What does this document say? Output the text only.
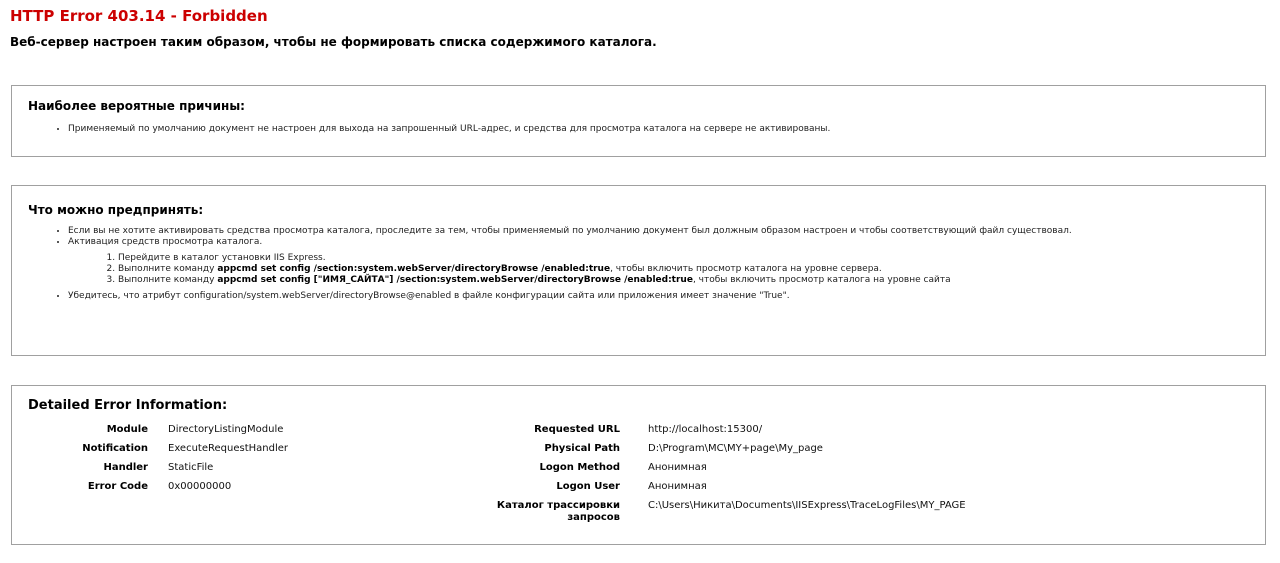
HTTP Error 403.14 - Forbidden
Веб-сервер настроен таким образом, чтобы не формировать списка содержимого каталога.
Наиболее вероятные причины:
• Применяемый по умолчанию документ не настроен для выхода на запрошенный URL-адрес, и средства для просмотра каталога на сервере не активированы.
Что можно предпринять:
• Если вы не хотите активировать средства просмотра каталога, проследите за тем, чтобы применяемый по умолчанию документ был должным образом настроен и чтобы соответствующий файл существовал.
• Активация средств просмотра каталога.
1. Перейдите в каталог установки IIS Express.
2. Выполните команду appcmd set config /section:system.webServer/directoryBrowse /enabled:true, чтобы включить просмотр каталога на уровне сервера.
3. Выполните команду appcmd set config ["ИМЯ_САЙТА"] /section:system.webServer/directoryBrowse /enabled:true, чтобы включить просмотр каталога на уровне сайта
• Убедитесь, что атрибут configuration/system.webServer/directoryBrowse@enabled в файле конфигурации сайта или приложения имеет значение "True".
Detailed Error Information:
Module DirectoryListingModule
Notification ExecuteRequestHandler
Handler StaticFile
Error Code 0x00000000
Requested URL	http://localhost:15300/
Physical Path	D:\Program\MC\MY+page\My_page
Logon Method	Анонимная
Logon User	Анонимная
Каталог трассировки запросов
C:\Users\Никита\Documents\IISExpress\TraceLogFiles\MY_PAGE
